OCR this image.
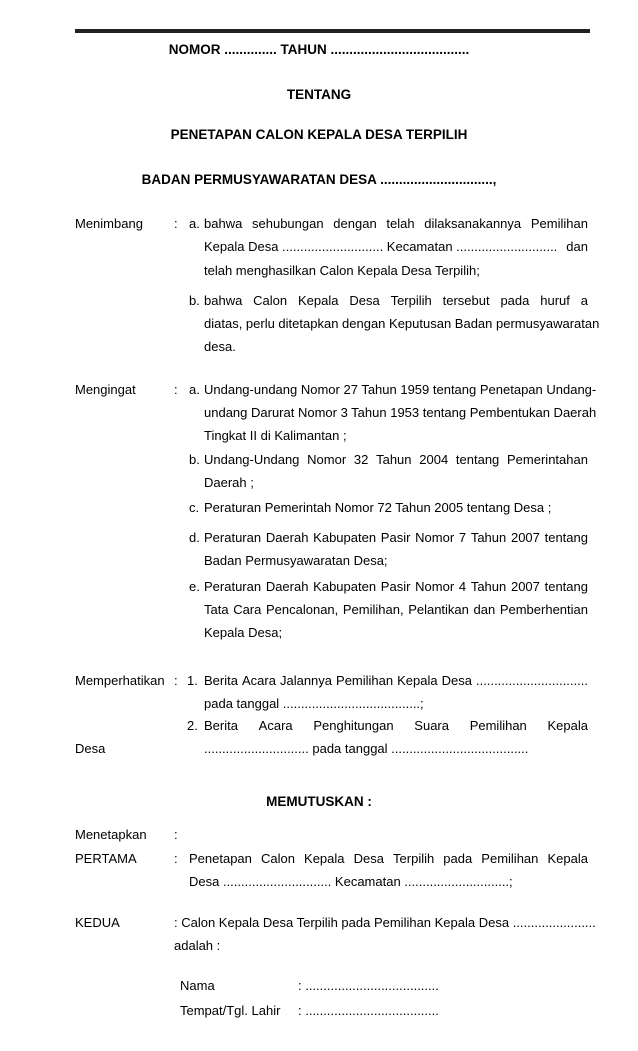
NOMOR .............. TAHUN .....................................
TENTANG
PENETAPAN CALON KEPALA DESA TERPILIH
BADAN PERMUSYAWARATAN DESA ..............................,
Menimbang : a. bahwa sehubungan dengan telah dilaksanakannya Pemilihan
Kepala Desa ............................ Kecamatan ............................ dan
telah menghasilkan Calon Kepala Desa Terpilih;
b. bahwa Calon Kepala Desa Terpilih tersebut pada huruf a
diatas, perlu ditetapkan dengan Keputusan Badan permusyawaratan
desa.
Mengingat	: a. Undang-undang Nomor 27 Tahun 1959 tentang Penetapan Undang-
undang Darurat Nomor 3 Tahun 1953 tentang Pembentukan Daerah
Tingkat II di Kalimantan ;
b. Undang-Undang Nomor 32 Tahun 2004 tentang Pemerintahan
Daerah ;
c. Peraturan Pemerintah Nomor 72 Tahun 2005 tentang Desa ;
d. Peraturan Daerah Kabupaten Pasir Nomor 7 Tahun 2007 tentang
Badan Permusyawaratan Desa;
e. Peraturan Daerah Kabupaten Pasir Nomor 4 Tahun 2007 tentang
Tata Cara Pencalonan, Pemilihan, Pelantikan dan Pemberhentian
Kepala Desa;
Memperhatikan : 1. Berita Acara Jalannya Pemilihan Kepala Desa ...............................
pada tanggal ......................................;
2. Berita Acara Penghitungan Suara Pemilihan Kepala
Desa	............................. pada tanggal ......................................
MEMUTUSKAN :
Menetapkan :
PERTAMA	: Penetapan Calon Kepala Desa Terpilih pada Pemilihan Kepala
Desa .............................. Kecamatan .............................;
KEDUA	: Calon Kepala Desa Terpilih pada Pemilihan Kepala Desa .......................
adalah :
Nama	: .....................................
Tempat/Tgl. Lahir : .....................................
